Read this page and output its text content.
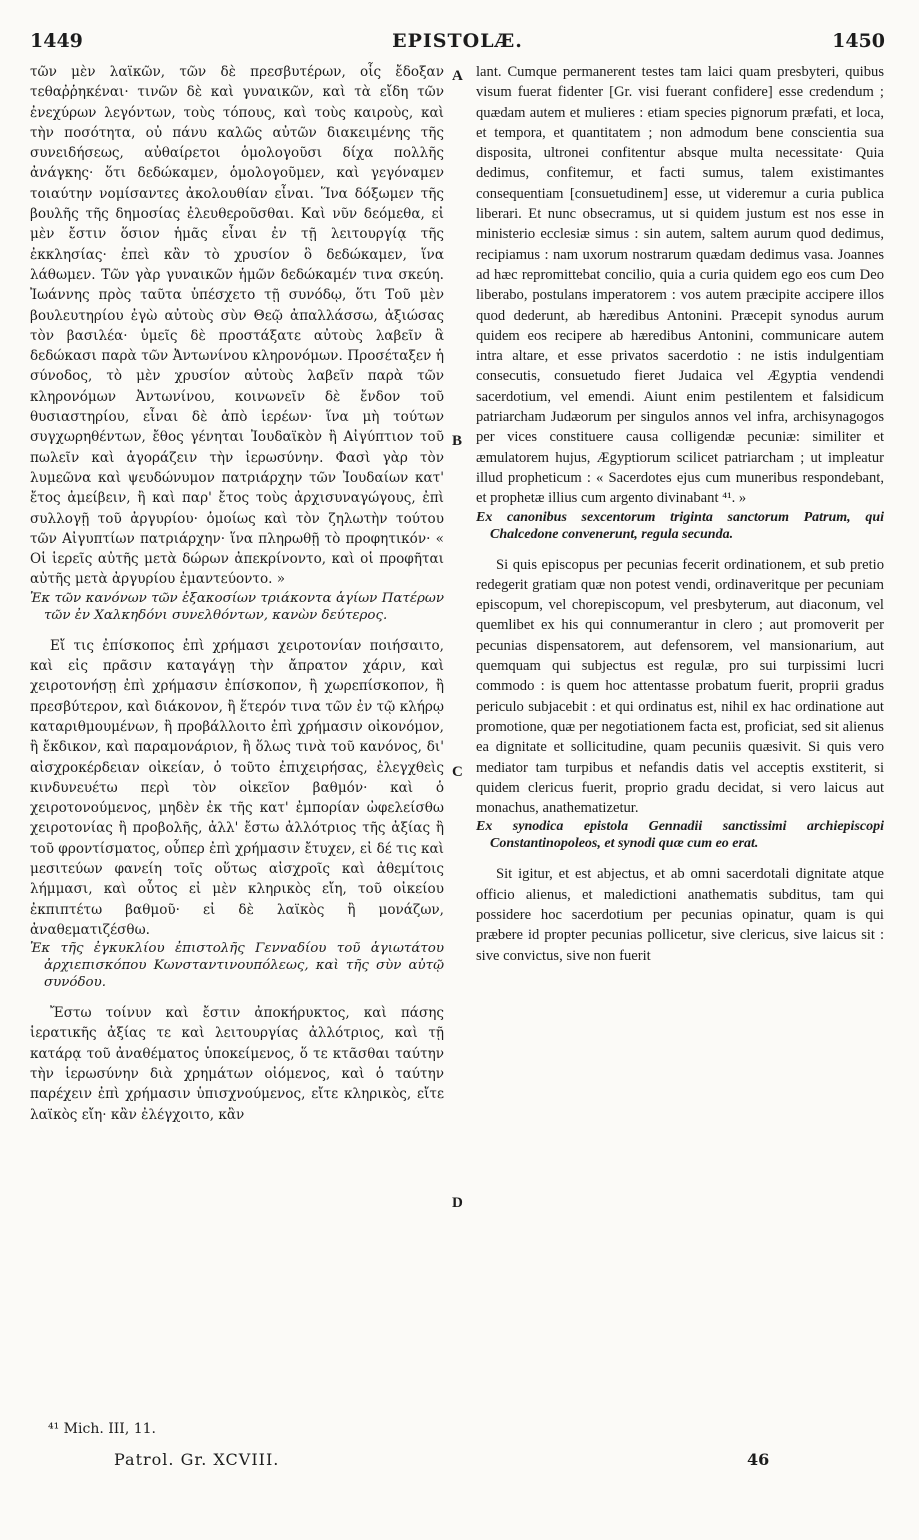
EPISTOLÆ.
1449	1450

τῶν μὲν λαϊκῶν, τῶν δὲ πρεσβυτέρων, οἷς ἔδοξαν τεθαῤῥηκέναι· τινῶν δὲ καὶ γυναικῶν, καὶ τὰ εἴδη τῶν ἐνεχύρων λεγόντων, τοὺς τόπους, καὶ τοὺς καιροὺς, καὶ τὴν ποσότητα, οὐ πάνυ καλῶς αὐτῶν διακειμένης τῆς συνειδήσεως, αὐθαίρετοι ὁμολογοῦσι δίχα πολλῆς ἀνάγκης· ὅτι δεδώκαμεν, ὁμολογοῦμεν, καὶ γεγόναμεν τοιαύτην νομίσαντες ἀκολουθίαν εἶναι. Ἵνα δόξωμεν τῆς βουλῆς τῆς δημοσίας ἐλευθεροῦσθαι. Καὶ νῦν δεόμεθα, εἰ μὲν ἔστιν ὅσιον ἡμᾶς εἶναι ἐν τῇ λειτουργίᾳ τῆς ἐκκλησίας· ἐπεὶ κἂν τὸ χρυσίον ὃ δεδώκαμεν, ἵνα λάθωμεν. Τῶν γὰρ γυναικῶν ἡμῶν δεδώκαμέν τινα σκεύη. Ἰωάννης πρὸς ταῦτα ὑπέσχετο τῇ συνόδῳ, ὅτι Τοῦ μὲν βουλευτηρίου ἐγὼ αὐτοὺς σὺν Θεῷ ἀπαλλάσσω, ἀξιώσας τὸν βασιλέα· ὑμεῖς δὲ προστάξατε αὐτοὺς λαβεῖν ἃ δεδώκασι παρὰ τῶν Ἀντωνίνου κληρονόμων. Προσέταξεν ἡ σύνοδος, τὸ μὲν χρυσίον αὐτοὺς λαβεῖν παρὰ τῶν κληρονόμων Ἀντωνίνου, κοινωνεῖν δὲ ἔνδον τοῦ θυσιαστηρίου, εἶναι δὲ ἀπὸ ἱερέων· ἵνα μὴ τούτων συγχωρηθέντων, ἔθος γένηται Ἰουδαϊκὸν ἢ Αἰγύπτιον τοῦ πωλεῖν καὶ ἀγοράζειν τὴν ἱερωσύνην. Φασὶ γὰρ τὸν λυμεῶνα καὶ ψευδώνυμον πατριάρχην τῶν Ἰουδαίων κατ' ἔτος ἀμείβειν, ἢ καὶ παρ' ἔτος τοὺς ἀρχισυναγώγους, ἐπὶ συλλογῇ τοῦ ἀργυρίου· ὁμοίως καὶ τὸν ζηλωτὴν τούτου τῶν Αἰγυπτίων πατριάρχην· ἵνα πληρωθῇ τὸ προφητικόν· « Οἱ ἱερεῖς αὐτῆς μετὰ δώρων ἀπεκρίνοντο, καὶ οἱ προφῆται αὐτῆς μετὰ ἀργυρίου ἐμαντεύοντο. »

Ἐκ τῶν κανόνων τῶν ἑξακοσίων τριάκοντα ἁγίων Πατέρων τῶν ἐν Χαλκηδόνι συνελθόντων, κανὼν δεύτερος.

Εἴ τις ἐπίσκοπος ἐπὶ χρήμασι χειροτονίαν ποιήσαιτο, καὶ εἰς πρᾶσιν καταγάγῃ τὴν ἄπρατον χάριν, καὶ χειροτονήσῃ ἐπὶ χρήμασιν ἐπίσκοπον, ἢ χωρεπίσκοπον, ἢ πρεσβύτερον, καὶ διάκονον, ἢ ἕτερόν τινα τῶν ἐν τῷ κλήρῳ καταριθμουμένων, ἢ προβάλλοιτο ἐπὶ χρήμασιν οἰκονόμον, ἢ ἔκδικον, καὶ παραμονάριον, ἢ ὅλως τινὰ τοῦ κανόνος, δι' αἰσχροκέρδειαν οἰκείαν, ὁ τοῦτο ἐπιχειρήσας, ἐλεγχθεὶς κινδυνευέτω περὶ τὸν οἰκεῖον βαθμόν· καὶ ὁ χειροτονούμενος, μηδὲν ἐκ τῆς κατ' ἐμπορίαν ὠφελείσθω χειροτονίας ἢ προβολῆς, ἀλλ' ἔστω ἀλλότριος τῆς ἀξίας ἢ τοῦ φροντίσματος, οὗπερ ἐπὶ χρήμασιν ἔτυχεν, εἰ δέ τις καὶ μεσιτεύων φανείη τοῖς οὕτως αἰσχροῖς καὶ ἀθεμίτοις λήμμασι, καὶ οὗτος εἰ μὲν κληρικὸς εἴη, τοῦ οἰκείου ἐκπιπτέτω βαθμοῦ· εἰ δὲ λαϊκὸς ἢ μονάζων, ἀναθεματιζέσθω.

Ἐκ τῆς ἐγκυκλίου ἐπιστολῆς Γενναδίου τοῦ ἁγιωτάτου ἀρχιεπισκόπου Κωνσταντινουπόλεως, καὶ τῆς σὺν αὐτῷ συνόδου.

Ἔστω τοίνυν καὶ ἔστιν ἀποκήρυκτος, καὶ πάσης ἱερατικῆς ἀξίας τε καὶ λειτουργίας ἀλλότριος, καὶ τῇ κατάρᾳ τοῦ ἀναθέματος ὑποκείμενος, ὅ τε κτᾶσθαι ταύτην τὴν ἱερωσύνην διὰ χρημάτων οἰόμενος, καὶ ὁ ταύτην παρέχειν ἐπὶ χρήμασιν ὑπισχνούμενος, εἴτε κληρικὸς, εἴτε λαϊκὸς εἴη· κἂν ἐλέγχοιτο, κἂν

A
B
C
D

lant. Cumque permanerent testes tam laici quam presbyteri, quibus visum fuerat fidenter [Gr. visi fuerant confidere] esse credendum ; quædam autem et mulieres : etiam species pignorum præfati, et loca, et tempora, et quantitatem ; non admodum bene conscientia sua disposita, ultronei confitentur absque multa necessitate· Quia dedimus, confitemur, et facti sumus, talem existimantes consequentiam [consuetudinem] esse, ut videremur a curia publica liberari. Et nunc obsecramus, ut si quidem justum est nos esse in ministerio ecclesiæ simus : sin autem, saltem aurum quod dedimus, recipiamus : nam uxorum nostrarum quædam dedimus vasa. Joannes ad hæc repromittebat concilio, quia a curia quidem ego eos cum Deo liberabo, postulans imperatorem : vos autem præcipite accipere illos quod dederunt, ab hæredibus Antonini. Præcepit synodus aurum quidem eos recipere ab hæredibus Antonini, communicare autem intra altare, et esse privatos sacerdotio : ne istis indulgentiam consecutis, consuetudo fieret Judaica vel Ægyptia vendendi sacerdotium, vel emendi. Aiunt enim pestilentem et falsidicum patriarcham Judæorum per singulos annos vel infra, archisynagogos per vices constituere causa colligendæ pecuniæ: similiter et æmulatorem hujus, Ægyptiorum scilicet patriarcham ; ut impleatur illud propheticum : « Sacerdotes ejus cum muneribus respondebant, et prophetæ illius cum argento divinabant ⁴¹. »

Ex canonibus sexcentorum triginta sanctorum Patrum, qui Chalcedone convenerunt, regula secunda.

Si quis episcopus per pecunias fecerit ordinationem, et sub pretio redegerit gratiam quæ non potest vendi, ordinaveritque per pecuniam episcopum, vel chorepiscopum, vel presbyterum, aut diaconum, vel quemlibet ex his qui connumerantur in clero ; aut promoverit per pecunias dispensatorem, aut defensorem, vel mansionarium, aut quemquam qui subjectus est regulæ, pro sui turpissimi lucri commodo : is quem hoc attentasse probatum fuerit, proprii gradus periculo subjacebit : et qui ordinatus est, nihil ex hac ordinatione aut promotione, quæ per negotiationem facta est, proficiat, sed sit alienus ea dignitate et sollicitudine, quam pecuniis quæsivit. Si quis vero mediator tam turpibus et nefandis datis vel acceptis exstiterit, si quidem clericus fuerit, proprio gradu decidat, si vero laicus aut monachus, anathematizetur.

Ex synodica epistola Gennadii sanctissimi archiepiscopi Constantinopoleos, et synodi quæ cum eo erat.

Sit igitur, et est abjectus, et ab omni sacerdotali dignitate atque officio alienus, et maledictioni anathematis subditus, tam qui possidere hoc sacerdotium per pecunias opinatur, quam is qui præbere id propter pecunias pollicetur, sive clericus, sive laicus sit : sive convictus, sive non fuerit

⁴¹ Mich. III, 11.
Patrol. Gr. XCVIII.	46
